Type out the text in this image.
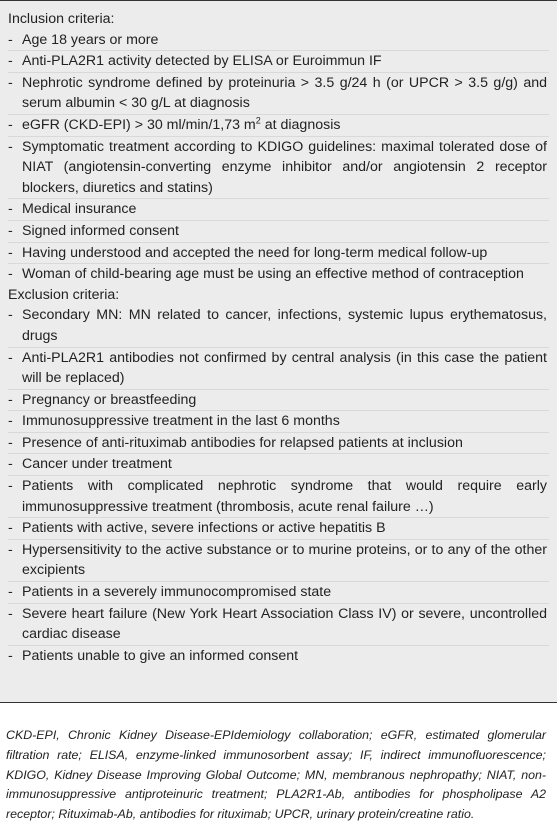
Inclusion criteria:

- Age 18 years or more
- Anti-PLA2R1 activity detected by ELISA or Euroimmun IF
- Nephrotic syndrome defined by proteinuria > 3.5 g/24 h (or UPCR > 3.5 g/g) and serum albumin < 30 g/L at diagnosis
- eGFR (CKD-EPI) > 30 ml/min/1,73 $m^2$ at diagnosis
- Symptomatic treatment according to KDIGO guidelines: maximal tolerated dose of NIAT (angiotensin-converting enzyme inhibitor and/or angiotensin 2 receptor blockers, diuretics and statins)
- Medical insurance
- Signed informed consent
- Having understood and accepted the need for long-term medical follow-up
- Woman of child-bearing age must be using an effective method of contraception

Exclusion criteria:

- Secondary MN: MN related to cancer, infections, systemic lupus erythematosus, drugs
- Anti-PLA2R1 antibodies not confirmed by central analysis (in this case the patient will be replaced)
- Pregnancy or breastfeeding
- Immunosuppressive treatment in the last 6 months
- Presence of anti-rituximab antibodies for relapsed patients at inclusion
- Cancer under treatment
- Patients with complicated nephrotic syndrome that would require early immunosuppressive treatment (thrombosis, acute renal failure …)
- Patients with active, severe infections or active hepatitis B
- Hypersensitivity to the active substance or to murine proteins, or to any of the other excipients
- Patients in a severely immunocompromised state
- Severe heart failure (New York Heart Association Class IV) or severe, uncontrolled cardiac disease
- Patients unable to give an informed consent

CKD-EPI, Chronic Kidney Disease-EPIdemiology collaboration; eGFR, estimated glomerular filtration rate; ELISA, enzyme-linked immunosorbent assay; IF, indirect immunofluorescence; KDIGO, Kidney Disease Improving Global Outcome; MN, membranous nephropathy; NIAT, non-immunosuppressive antiproteinuric treatment; PLA2R1-Ab, antibodies for phospholipase A2 receptor; Rituximab-Ab, antibodies for rituximab; UPCR, urinary protein/creatine ratio.
